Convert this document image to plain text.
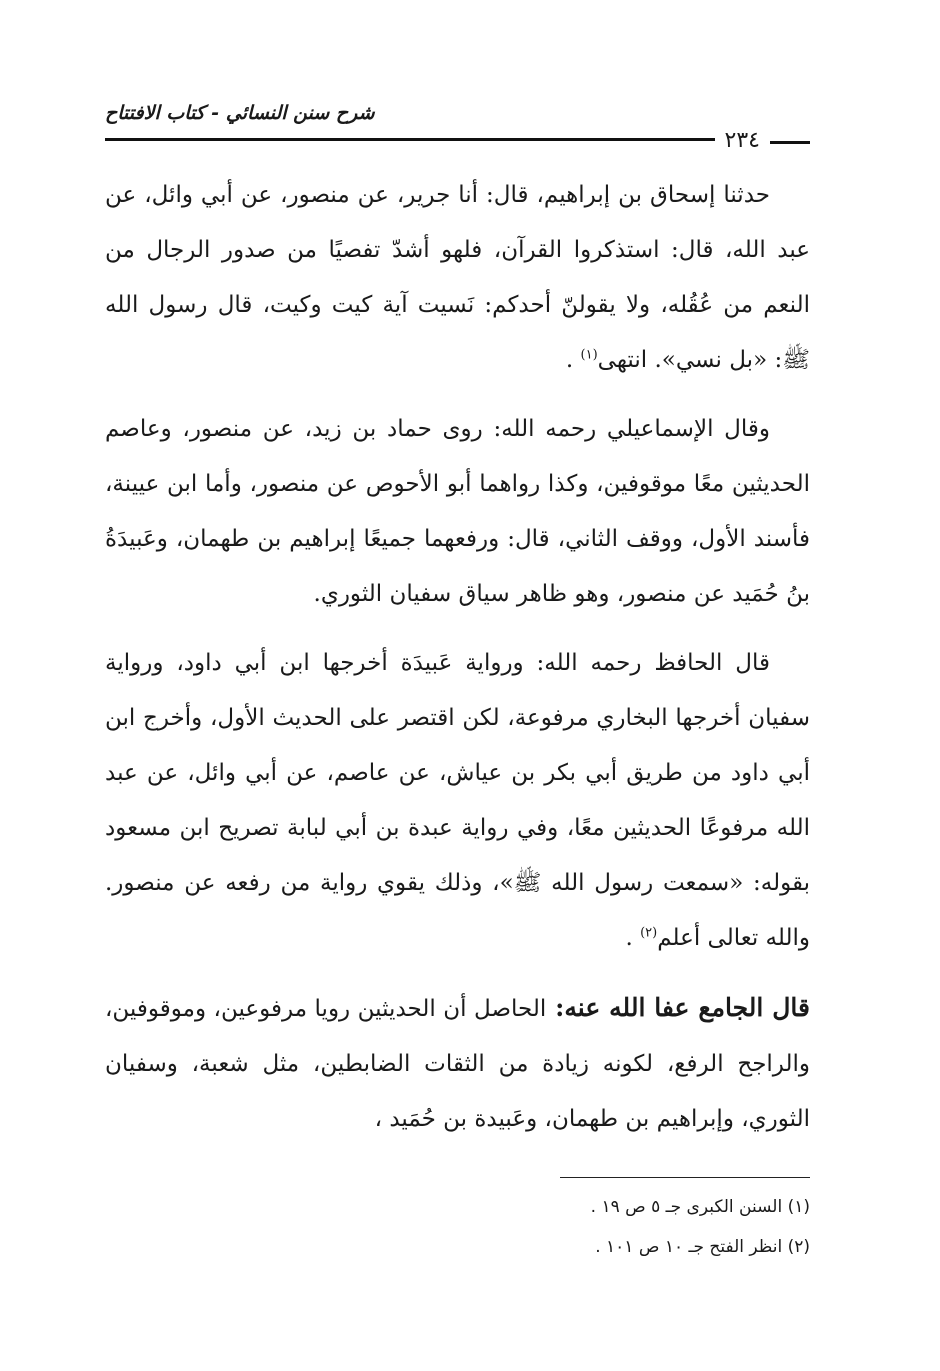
شرح سنن النسائي - كتاب الافتتاح
٢٣٤

حدثنا إسحاق بن إبراهيم، قال: أنا جرير، عن منصور، عن أبي وائل، عن عبد الله، قال: استذكروا القرآن، فلهو أشدّ تفصيًا من صدور الرجال من النعم من عُقُله، ولا يقولنّ أحدكم: نَسيت آية كيت وكيت، قال رسول الله ﷺ: «بل نسي». انتهى$^{(١)}$ .

وقال الإسماعيلي رحمه الله: روى حماد بن زيد، عن منصور، وعاصم الحديثين معًا موقوفين، وكذا رواهما أبو الأحوص عن منصور، وأما ابن عيينة، فأسند الأول، ووقف الثاني، قال: ورفعهما جميعًا إبراهيم بن طهمان، وعَبيدَةُ بنُ حُمَيد عن منصور، وهو ظاهر سياق سفيان الثوري.

قال الحافظ رحمه الله: ورواية عَبيدَة أخرجها ابن أبي داود، ورواية سفيان أخرجها البخاري مرفوعة، لكن اقتصر على الحديث الأول، وأخرج ابن أبي داود من طريق أبي بكر بن عياش، عن عاصم، عن أبي وائل، عن عبد الله مرفوعًا الحديثين معًا، وفي رواية عبدة بن أبي لبابة تصريح ابن مسعود بقوله: «سمعت رسول الله ﷺ»، وذلك يقوي رواية من رفعه عن منصور. والله تعالى أعلم$^{(٢)}$ .

قال الجامع عفا الله عنه: الحاصل أن الحديثين رويا مرفوعين، وموقوفين، والراجح الرفع، لكونه زيادة من الثقات الضابطين، مثل شعبة، وسفيان الثوري، وإبراهيم بن طهمان، وعَبيدة بن حُمَيد ،

(١) السنن الكبرى جـ ٥ ص ١٩ .

(٢) انظر الفتح جـ ١٠ ص ١٠١ .
